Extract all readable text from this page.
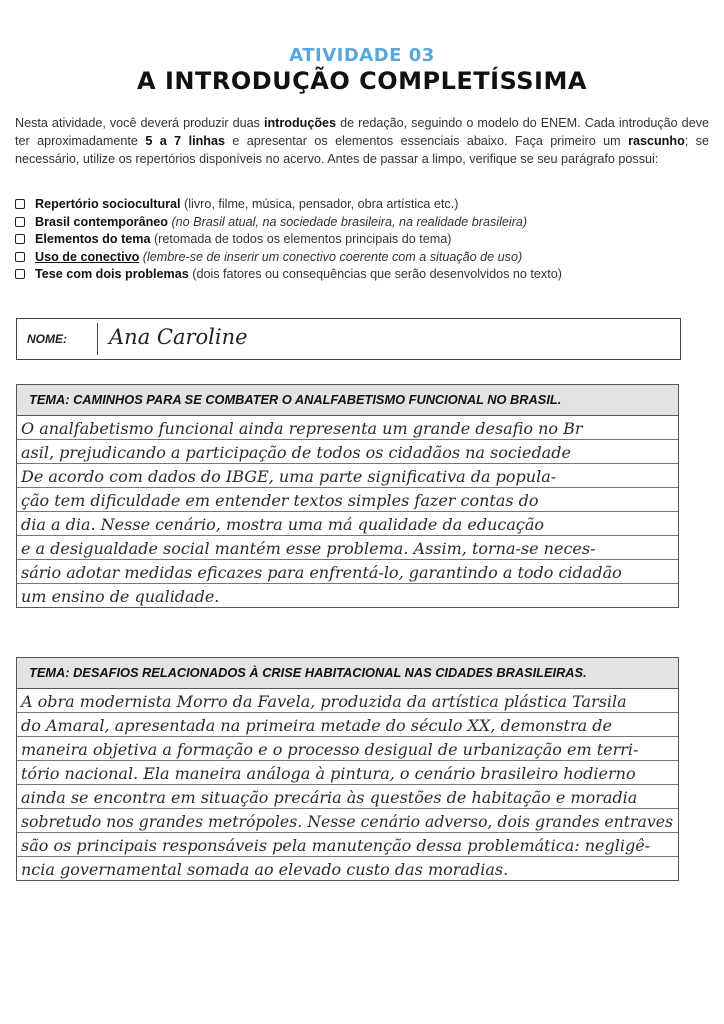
ATIVIDADE 03
A INTRODUÇÃO COMPLETÍSSIMA

Nesta atividade, você deverá produzir duas introduções de redação, seguindo o modelo do ENEM. Cada introdução deve ter aproximadamente 5 a 7 linhas e apresentar os elementos essenciais abaixo. Faça primeiro um rascunho; se necessário, utilize os repertórios disponíveis no acervo. Antes de passar a limpo, verifique se seu parágrafo possui:

Repertório sociocultural (livro, filme, música, pensador, obra artística etc.)
Brasil contemporâneo (no Brasil atual, na sociedade brasileira, na realidade brasileira)
Elementos do tema (retomada de todos os elementos principais do tema)
Uso de conectivo (lembre-se de inserir um conectivo coerente com a situação de uso)
Tese com dois problemas (dois fatores ou consequências que serão desenvolvidos no texto)
NOME: Ana Caroline
TEMA: CAMINHOS PARA SE COMBATER O ANALFABETISMO FUNCIONAL NO BRASIL.
O analfabetismo funcional ainda representa um grande desafio no Br
asil, prejudicando a participação de todos os cidadãos na sociedade
De acordo com dados do IBGE, uma parte significativa da popula-
ção tem dificuldade em entender textos simples fazer contas do
dia a dia. Nesse cenário, mostra uma má qualidade da educação
e a desigualdade social mantém esse problema. Assim, torna-se neces-
sário adotar medidas eficazes para enfrentá-lo, garantindo a todo cidadão
um ensino de qualidade.
TEMA: DESAFIOS RELACIONADOS À CRISE HABITACIONAL NAS CIDADES BRASILEIRAS.
A obra modernista Morro da Favela, produzida da artística plástica Tarsila
do Amaral, apresentada na primeira metade do século XX, demonstra de
maneira objetiva a formação e o processo desigual de urbanização em terri-
tório nacional. Ela maneira análoga à pintura, o cenário brasileiro hodierno
ainda se encontra em situação precária às questões de habitação e moradia
sobretudo nos grandes metrópoles. Nesse cenário adverso, dois grandes entraves
são os principais responsáveis pela manutenção dessa problemática: negligê-
ncia governamental somada ao elevado custo das moradias.
